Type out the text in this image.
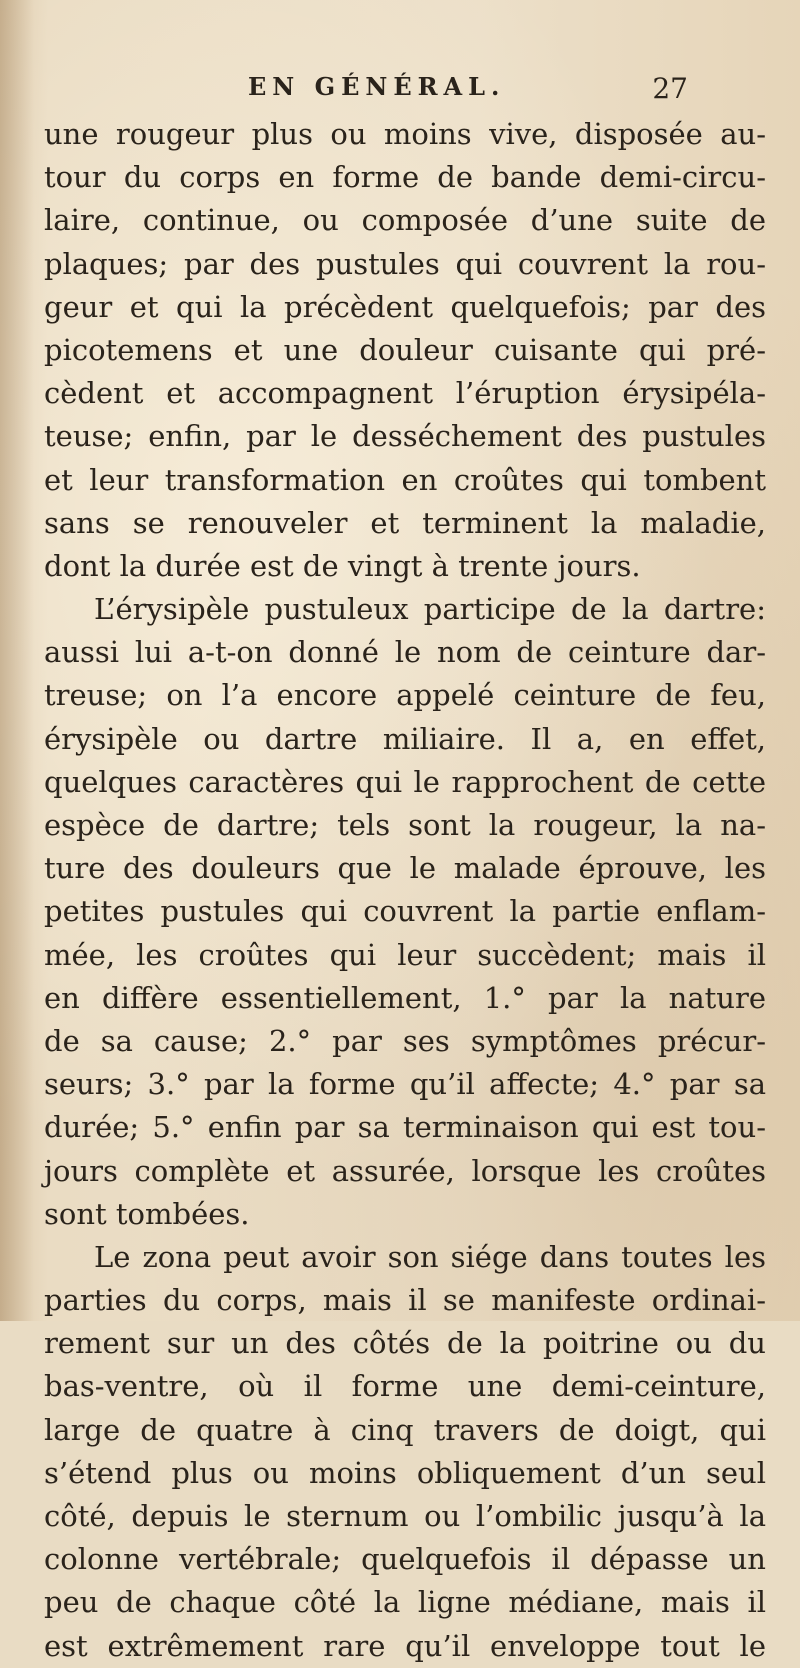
EN GÉNÉRAL.	27
une rougeur plus ou moins vive, disposée au-
tour du corps en forme de bande demi-circu-
laire, continue, ou composée d’une suite de
plaques; par des pustules qui couvrent la rou-
geur et qui la précèdent quelquefois; par des
picotemens et une douleur cuisante qui pré-
cèdent et accompagnent l’éruption érysipéla-
teuse; enfin, par le desséchement des pustules
et leur transformation en croûtes qui tombent
sans se renouveler et terminent la maladie,
dont la durée est de vingt à trente jours.
L’érysipèle pustuleux participe de la dartre:
aussi lui a-t-on donné le nom de ceinture dar-
treuse; on l’a encore appelé ceinture de feu,
érysipèle ou dartre miliaire. Il a, en effet,
quelques caractères qui le rapprochent de cette
espèce de dartre; tels sont la rougeur, la na-
ture des douleurs que le malade éprouve, les
petites pustules qui couvrent la partie enflam-
mée, les croûtes qui leur succèdent; mais il
en diffère essentiellement, 1.° par la nature
de sa cause; 2.° par ses symptômes précur-
seurs; 3.° par la forme qu’il affecte; 4.° par sa
durée; 5.° enfin par sa terminaison qui est tou-
jours complète et assurée, lorsque les croûtes
sont tombées.
Le zona peut avoir son siége dans toutes les
parties du corps, mais il se manifeste ordinai-
rement sur un des côtés de la poitrine ou du
bas-ventre, où il forme une demi-ceinture,
large de quatre à cinq travers de doigt, qui
s’étend plus ou moins obliquement d’un seul
côté, depuis le sternum ou l’ombilic jusqu’à la
colonne vertébrale; quelquefois il dépasse un
peu de chaque côté la ligne médiane, mais il
est extrêmement rare qu’il enveloppe tout le
